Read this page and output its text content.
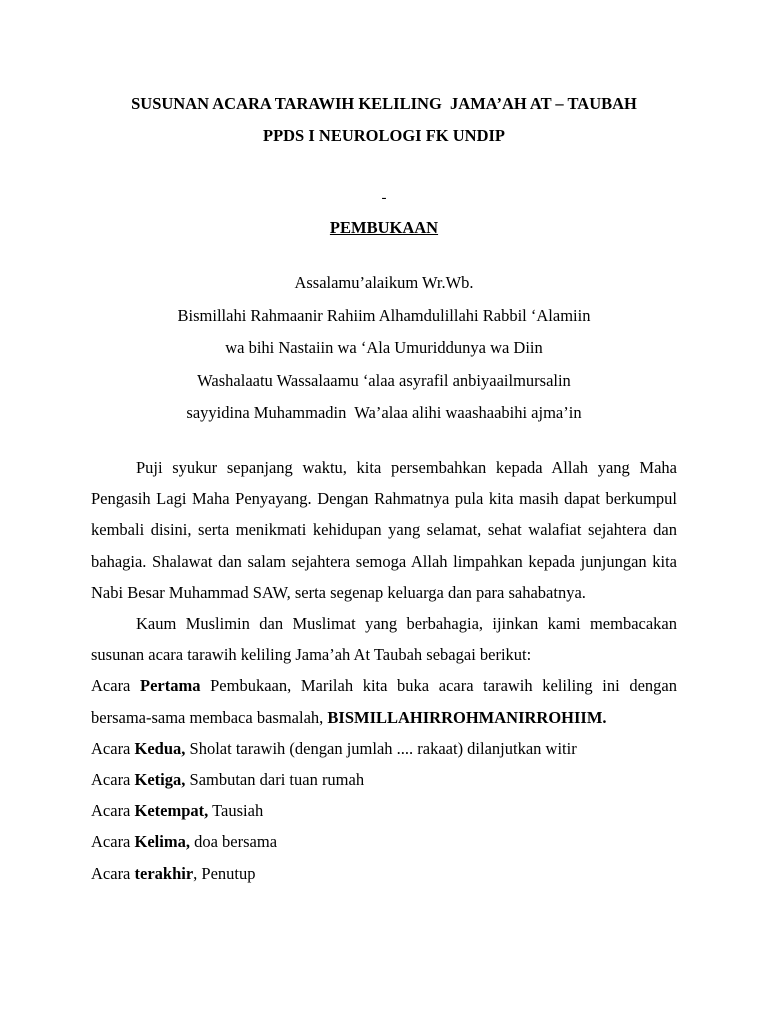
SUSUNAN ACARA TARAWIH KELILING  JAMA’AH AT – TAUBAH
PPDS I NEUROLOGI FK UNDIP
-
PEMBUKAAN
Assalamu’alaikum Wr.Wb.
Bismillahi Rahmaanir Rahiim Alhamdulillahi Rabbil ‘Alamiin
wa bihi Nastaiin wa ‘Ala Umuriddunya wa Diin
Washalaatu Wassalaamu ‘alaa asyrafil anbiyaailmursalin
sayyidina Muhammadin  Wa’alaa alihi waashaabihi ajma’in

Puji syukur sepanjang waktu, kita persembahkan kepada Allah yang Maha Pengasih Lagi Maha Penyayang. Dengan Rahmatnya pula kita masih dapat berkumpul kembali disini, serta menikmati kehidupan yang selamat, sehat walafiat sejahtera dan bahagia. Shalawat dan salam sejahtera semoga Allah limpahkan kepada junjungan kita Nabi Besar Muhammad SAW, serta segenap keluarga dan para sahabatnya.

Kaum Muslimin dan Muslimat yang berbahagia, ijinkan kami membacakan susunan acara tarawih keliling Jama’ah At Taubah sebagai berikut:

Acara Pertama Pembukaan, Marilah kita buka acara tarawih keliling ini dengan bersama-sama membaca basmalah, BISMILLAHIRROHMANIRROHIIM.

Acara Kedua, Sholat tarawih (dengan jumlah .... rakaat) dilanjutkan witir

Acara Ketiga, Sambutan dari tuan rumah

Acara Ketempat, Tausiah

Acara Kelima, doa bersama

Acara terakhir, Penutup
